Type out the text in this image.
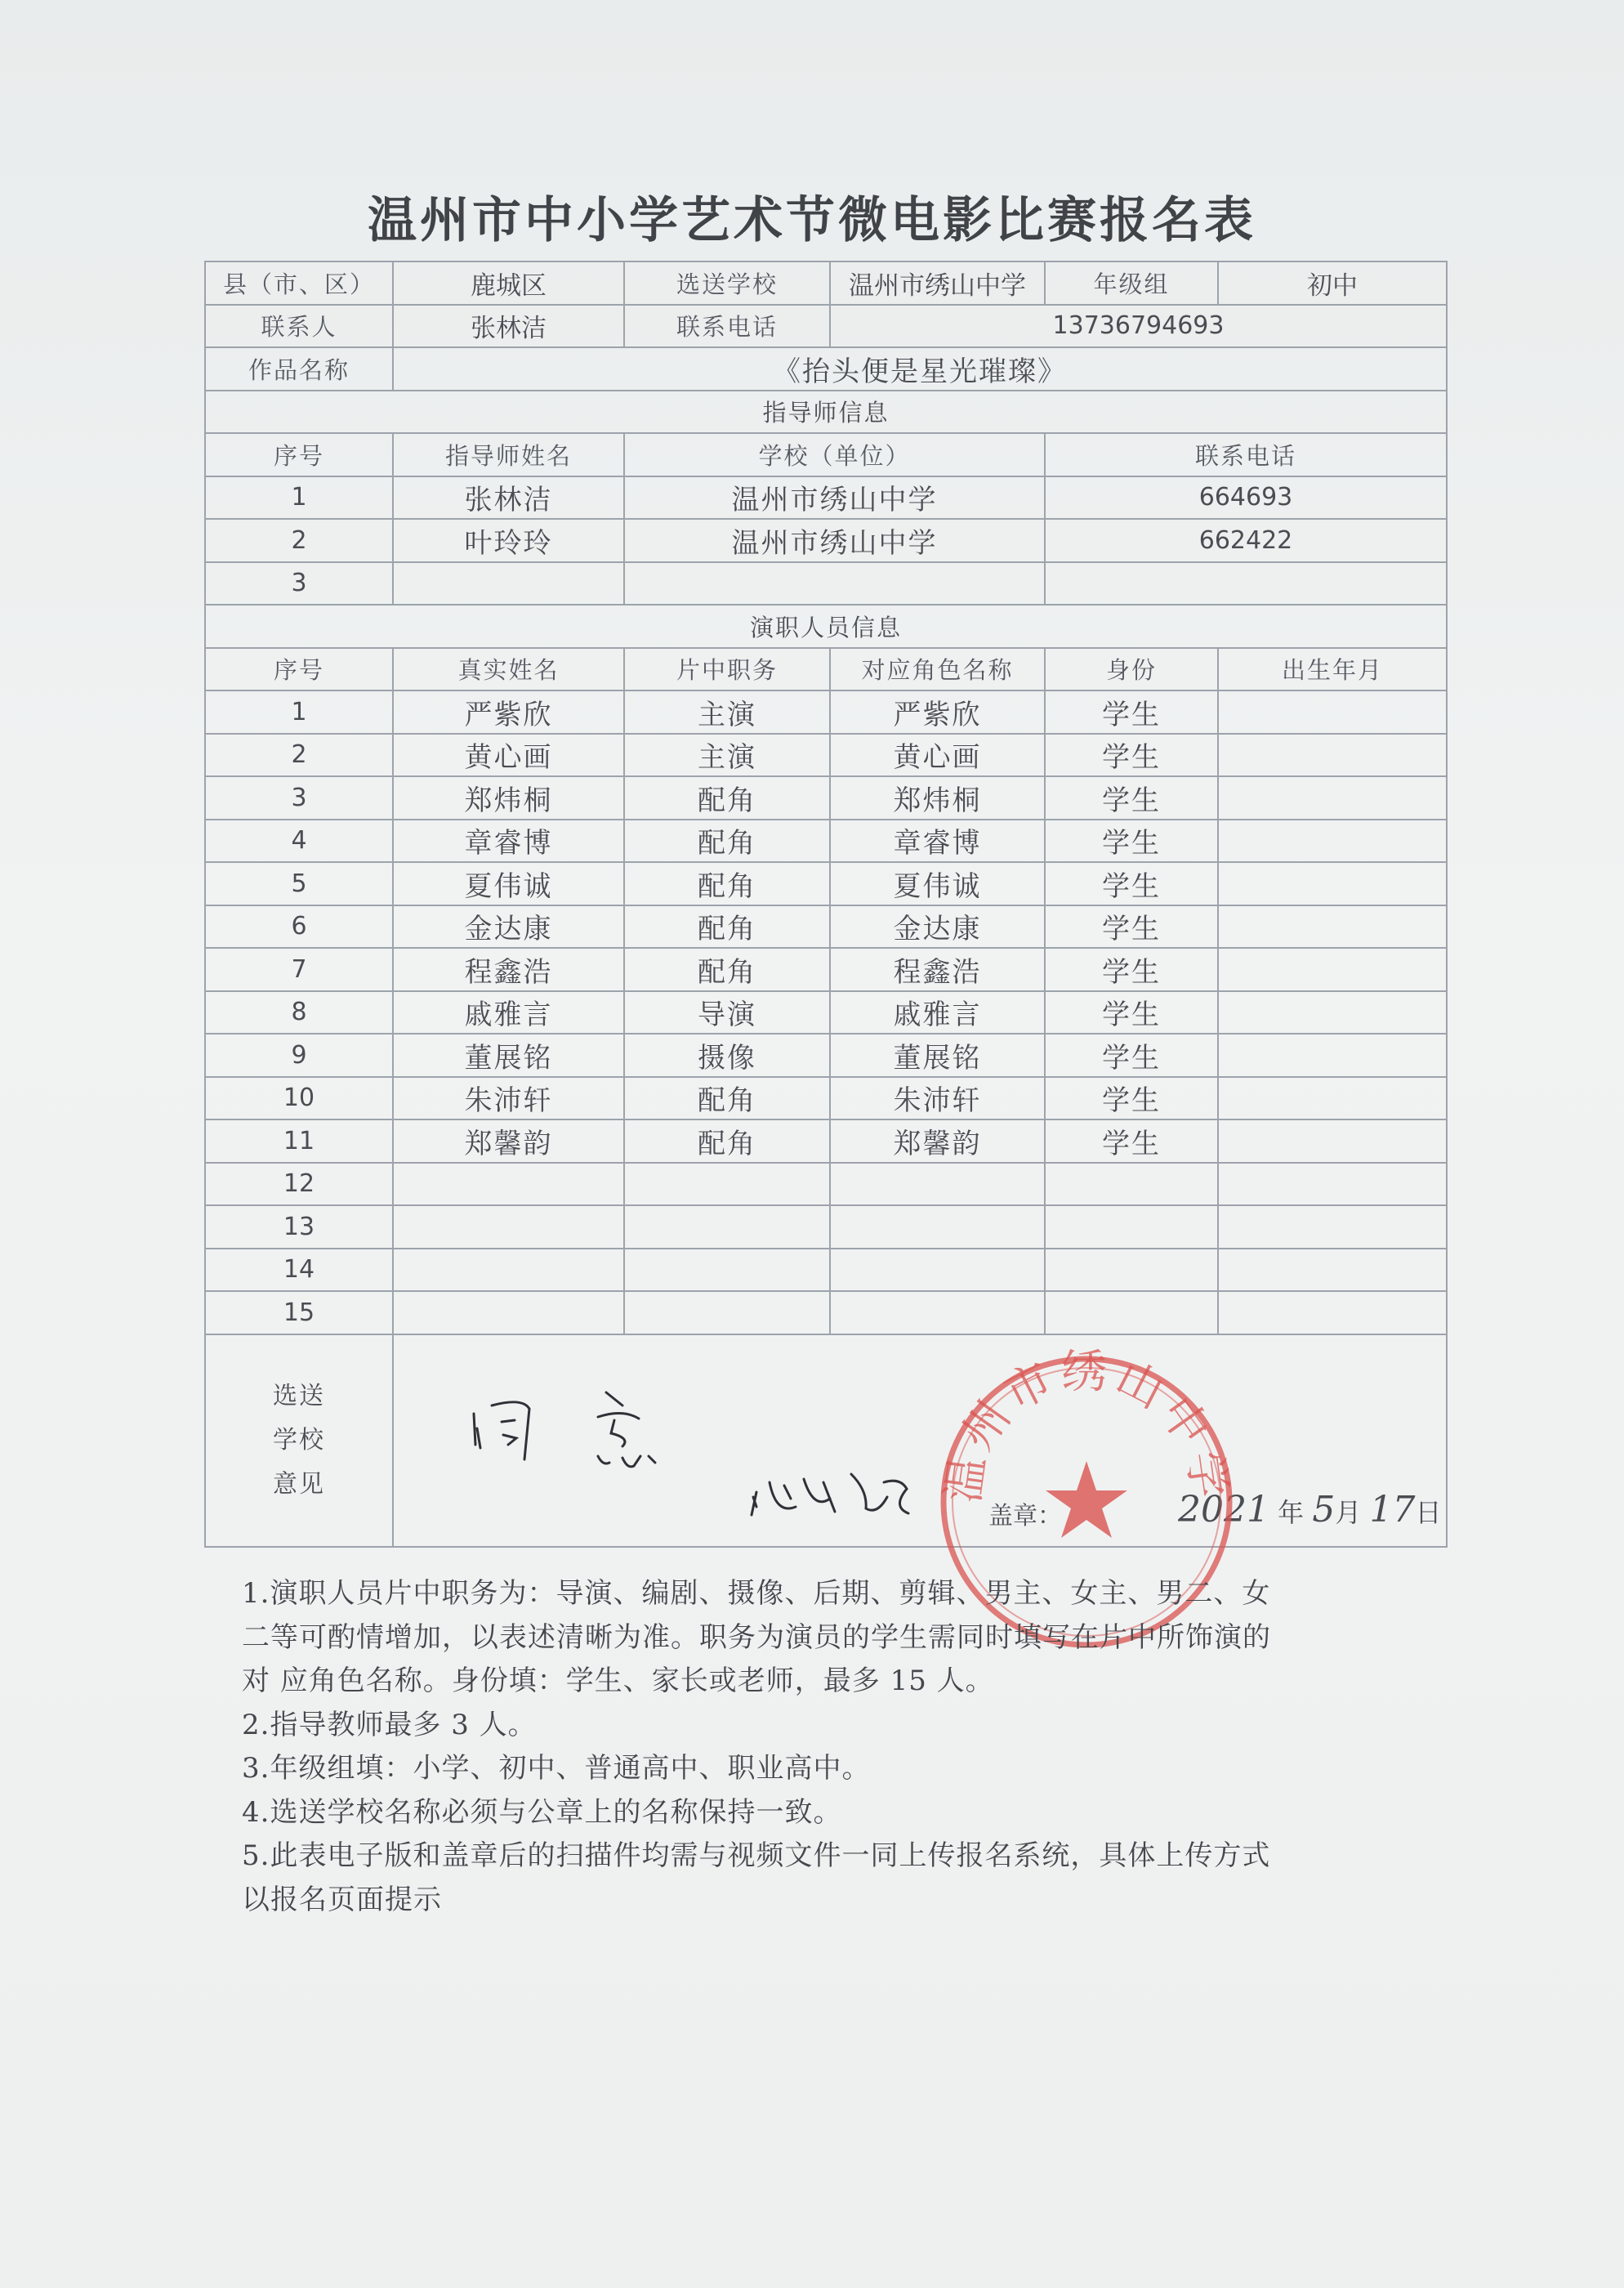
温州市中小学艺术节微电影比赛报名表
县（市、区）	鹿城区	选送学校	温州市绣山中学	年级组	初中
联系人	张林洁	联系电话	13736794693		
作品名称	《抬头便是星光璀璨》				
指导师信息					
序号	指导师姓名	学校（单位）		联系电话	
1	张林洁	温州市绣山中学		664693	
2	叶玲玲	温州市绣山中学		662422	
3					
演职人员信息					
序号	真实姓名	片中职务	对应角色名称	身份	出生年月
1	严紫欣	主演	严紫欣	学生	
2	黄心画	主演	黄心画	学生	
3	郑炜桐	配角	郑炜桐	学生	
4	章睿博	配角	章睿博	学生	
5	夏伟诚	配角	夏伟诚	学生	
6	金达康	配角	金达康	学生	
7	程鑫浩	配角	程鑫浩	学生	
8	戚雅言	导演	戚雅言	学生	
9	董展铭	摄像	董展铭	学生	
10	朱沛轩	配角	朱沛轩	学生	
11	郑馨韵	配角	郑馨韵	学生	
12					
13					
14					
15					
选送
学校
意见	盖章： 2021 年 5月 17日				
温州市绣山中学

1.演职人员片中职务为：导演、编剧、摄像、后期、剪辑、男主、女主、男二、女

二等可酌情增加，以表述清晰为准。职务为演员的学生需同时填写在片中所饰演的

对 应角色名称。身份填：学生、家长或老师，最多 15 人。

2.指导教师最多 3 人。

3.年级组填：小学、初中、普通高中、职业高中。

4.选送学校名称必须与公章上的名称保持一致。

5.此表电子版和盖章后的扫描件均需与视频文件一同上传报名系统，具体上传方式

以报名页面提示
